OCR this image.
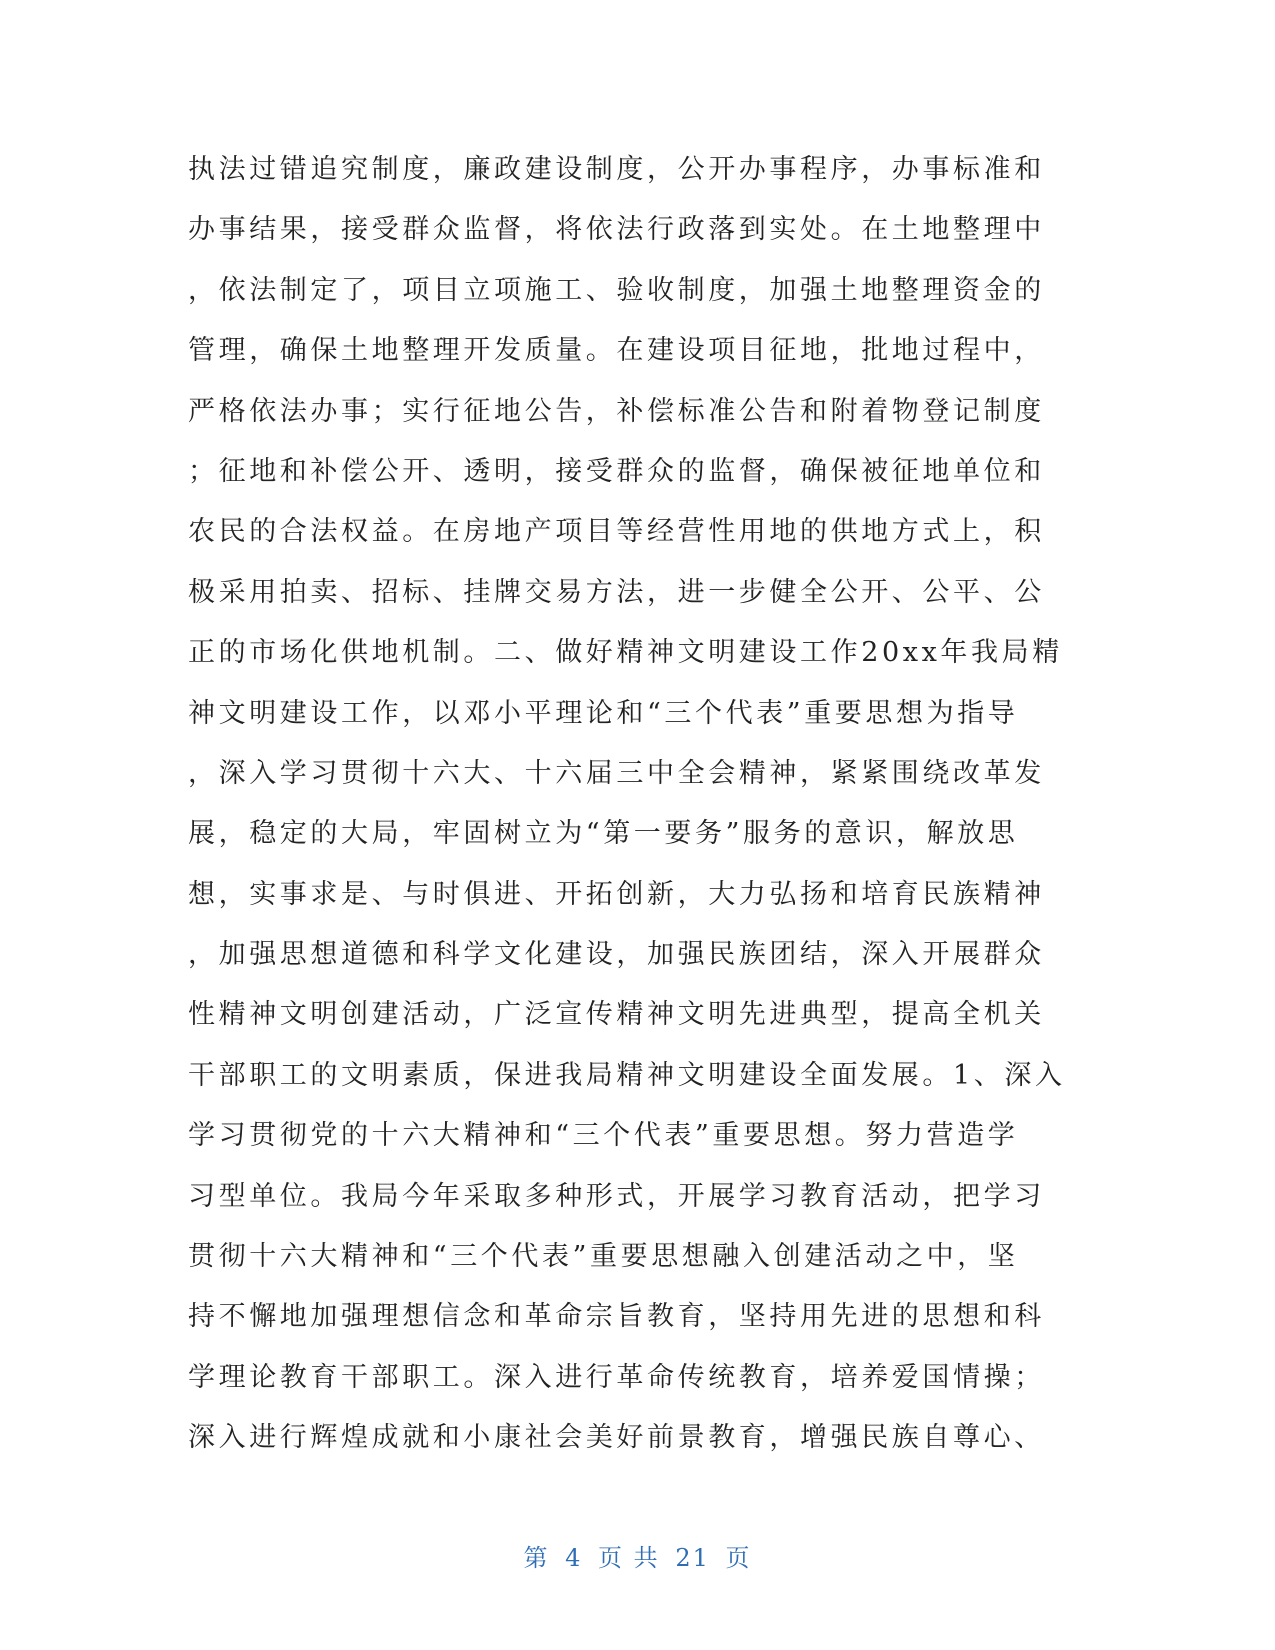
执法过错追究制度，廉政建设制度，公开办事程序，办事标准和
办事结果，接受群众监督，将依法行政落到实处。在土地整理中
，依法制定了，项目立项施工、验收制度，加强土地整理资金的
管理，确保土地整理开发质量。在建设项目征地，批地过程中，
严格依法办事；实行征地公告，补偿标准公告和附着物登记制度
；征地和补偿公开、透明，接受群众的监督，确保被征地单位和
农民的合法权益。在房地产项目等经营性用地的供地方式上，积
极采用拍卖、招标、挂牌交易方法，进一步健全公开、公平、公
正的市场化供地机制。二、做好精神文明建设工作20xx年我局精
神文明建设工作，以邓小平理论和“三个代表”重要思想为指导
，深入学习贯彻十六大、十六届三中全会精神，紧紧围绕改革发
展，稳定的大局，牢固树立为“第一要务”服务的意识，解放思
想，实事求是、与时俱进、开拓创新，大力弘扬和培育民族精神
，加强思想道德和科学文化建设，加强民族团结，深入开展群众
性精神文明创建活动，广泛宣传精神文明先进典型，提高全机关
干部职工的文明素质，保进我局精神文明建设全面发展。1、深入
学习贯彻党的十六大精神和“三个代表”重要思想。努力营造学
习型单位。我局今年采取多种形式，开展学习教育活动，把学习
贯彻十六大精神和“三个代表”重要思想融入创建活动之中，坚
持不懈地加强理想信念和革命宗旨教育，坚持用先进的思想和科
学理论教育干部职工。深入进行革命传统教育，培养爱国情操；
深入进行辉煌成就和小康社会美好前景教育，增强民族自尊心、
第 4 页 共 21 页
